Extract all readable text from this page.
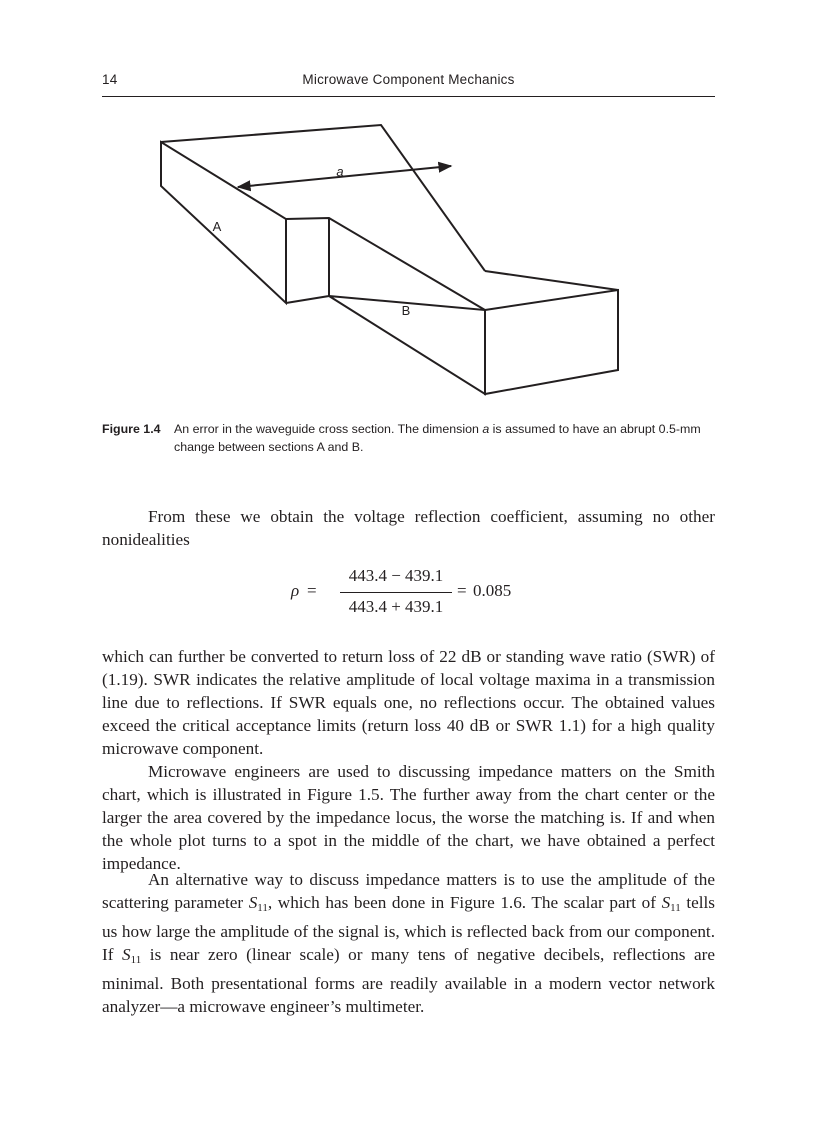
14	Microwave Component Mechanics
a
A
B
Figure 1.4 An error in the waveguide cross section. The dimension a is assumed to have an abrupt 0.5-mm change between sections A and B.

From these we obtain the voltage reflection coefficient, assuming no other nonidealities

ρ =
443.4 − 439.1
443.4 + 439.1
= 0.085

which can further be converted to return loss of 22 dB or standing wave ratio (SWR) of (1.19). SWR indicates the relative amplitude of local voltage maxima in a transmission line due to reflections. If SWR equals one, no reflections occur. The obtained values exceed the critical acceptance limits (return loss 40 dB or SWR 1.1) for a high quality microwave component.

Microwave engineers are used to discussing impedance matters on the Smith chart, which is illustrated in Figure 1.5. The further away from the chart center or the larger the area covered by the impedance locus, the worse the matching is. If and when the whole plot turns to a spot in the middle of the chart, we have obtained a perfect impedance.

An alternative way to discuss impedance matters is to use the amplitude of the scattering parameter $S_{11}$, which has been done in Figure 1.6. The scalar part of $S_{11}$ tells us how large the amplitude of the signal is, which is reflected back from our component. If $S_{11}$ is near zero (linear scale) or many tens of negative decibels, reflections are minimal. Both presentational forms are readily available in a modern vector network analyzer—a microwave engineer’s multimeter.
